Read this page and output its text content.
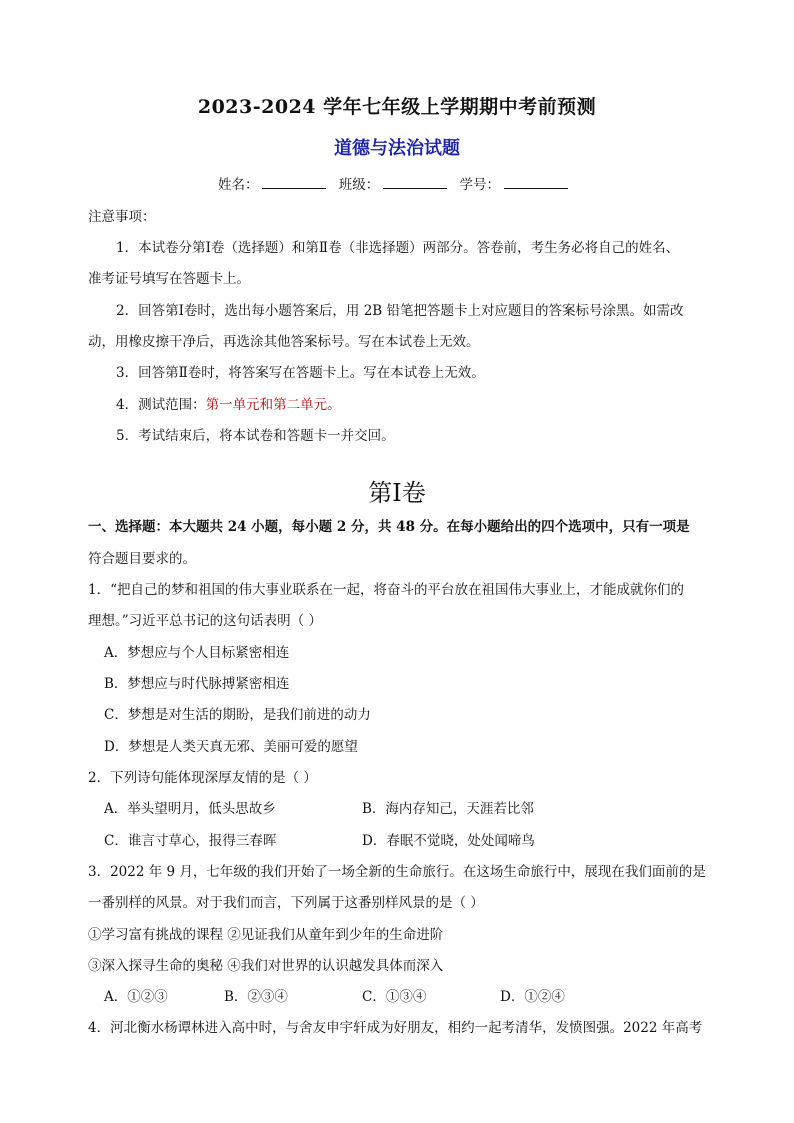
2023-2024 学年七年级上学期期中考前预测
道德与法治试题
姓名：	班级：	学号：
注意事项：
1．本试卷分第Ⅰ卷（选择题）和第Ⅱ卷（非选择题）两部分。答卷前，考生务必将自己的姓名、
准考证号填写在答题卡上。
2．回答第Ⅰ卷时，选出每小题答案后，用 2B 铅笔把答题卡上对应题目的答案标号涂黑。如需改
动，用橡皮擦干净后，再选涂其他答案标号。写在本试卷上无效。
3．回答第Ⅱ卷时，将答案写在答题卡上。写在本试卷上无效。
4．测试范围：第一单元和第二单元。
5．考试结束后，将本试卷和答题卡一并交回。
第Ⅰ卷
一、选择题：本大题共 24 小题，每小题 2 分，共 48 分。在每小题给出的四个选项中，只有一项是
符合题目要求的。
1．“把自己的梦和祖国的伟大事业联系在一起，将奋斗的平台放在祖国伟大事业上，才能成就你们的
理想。”习近平总书记的这句话表明（ ）
A．梦想应与个人目标紧密相连
B．梦想应与时代脉搏紧密相连
C．梦想是对生活的期盼，是我们前进的动力
D．梦想是人类天真无邪、美丽可爱的愿望
2．下列诗句能体现深厚友情的是（ ）
A．举头望明月，低头思故乡	B．海内存知己，天涯若比邻
C．谁言寸草心，报得三春晖	D．春眠不觉晓，处处闻啼鸟
3．2022 年 9 月，七年级的我们开始了一场全新的生命旅行。在这场生命旅行中，展现在我们面前的是
一番别样的风景。对于我们而言，下列属于这番别样风景的是（ ）
①学习富有挑战的课程 ②见证我们从童年到少年的生命进阶
③深入探寻生命的奥秘 ④我们对世界的认识越发具体而深入
A．①②③	B．②③④	C．①③④	D．①②④
4．河北衡水杨谭林进入高中时，与舍友申宇轩成为好朋友，相约一起考清华，发愤图强。2022 年高考
